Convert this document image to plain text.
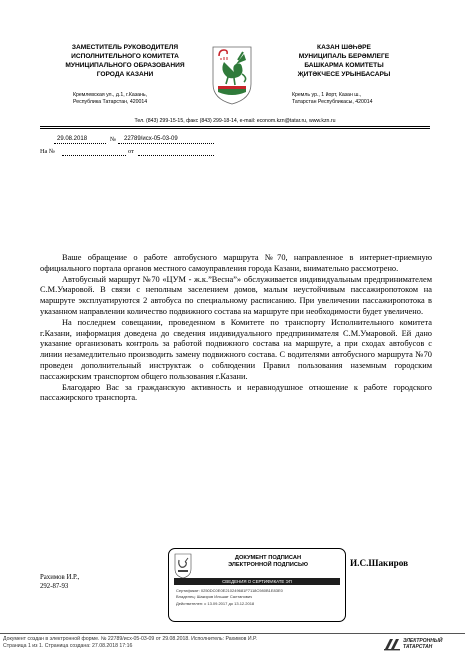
ЗАМЕСТИТЕЛЬ РУКОВОДИТЕЛЯ
ИСПОЛНИТЕЛЬНОГО КОМИТЕТА
МУНИЦИПАЛЬНОГО ОБРАЗОВАНИЯ
ГОРОДА КАЗАНИ
КАЗАН ШӘҺӘРЕ
МУНИЦИПАЛЬ БЕРӘМЛЕГЕ
БАШКАРМА КОМИТЕТЫ
ҖИТӘКЧЕСЕ УРЫНБАСАРЫ
Кремлевская ул., д.1, г.Казань,
Республика Татарстан, 420014
Кремль ур., 1 йорт, Казан ш.,
Татарстан Республикасы, 420014
Тел. (843) 299-15-15, факс (843) 299-18-14, e-mail: econom.kzn@tatar.ru, www.kzn.ru
29.08.2018	№ 22789/исх-05-03-09
На №	от

Ваше обращение о работе автобусного маршрута №70, направленное в интернет-приемную официального портала органов местного самоуправления города Казани, внимательно рассмотрено.

Автобусный маршрут №70 «ЦУМ - ж.к.”Весна”» обслуживается индивидуальным предпринимателем С.М.Умаровой. В связи с неполным заселением домов, малым неустойчивым пассажиропотоком на маршруте эксплуатируются 2 автобуса по специальному расписанию. При увеличении пассажиропотока в указанном направлении количество подвижного состава на маршруте при необходимости будет увеличено.

На последнем совещании, проведенном в Комитете по транспорту Исполнительного комитета г.Казани, информация доведена до сведения индивидуального предпринимателя С.М.Умаровой. Ей дано указание организовать контроль за работой подвижного состава на маршруте, а при сходах автобусов с линии незамедлительно производить замену подвижного состава. С водителями автобусного маршрута №70 проведен дополнительный инструктаж о соблюдении Правил пользования наземным городским пассажирским транспортом общего пользования г.Казани.

Благодарю Вас за гражданскую активность и неравнодушное отношение к работе городского пассажирского транспорта.

ДОКУМЕНТ ПОДПИСАН
ЭЛЕКТРОННОЙ ПОДПИСЬЮ
СВЕДЕНИЯ О СЕРТИФИКАТЕ ЭП
Сертификат: 0250DC0E0E210249681F7118C980B1E83E0
Владелец: Шакиров Ильшат Салтанович
Действителен: с 13.09.2017 до 13.12.2018
И.С.Шакиров
Рахимов И.Р.,
292-87-93
Документ создан в электронной форме. № 22789/исх-05-03-09 от 29.08.2018. Исполнитель: Рахимов И.Р.
Страница 1 из 1. Страница создана: 27.08.2018 17:16
ЭЛЕКТРОННЫЙ
ТАТАРСТАН
